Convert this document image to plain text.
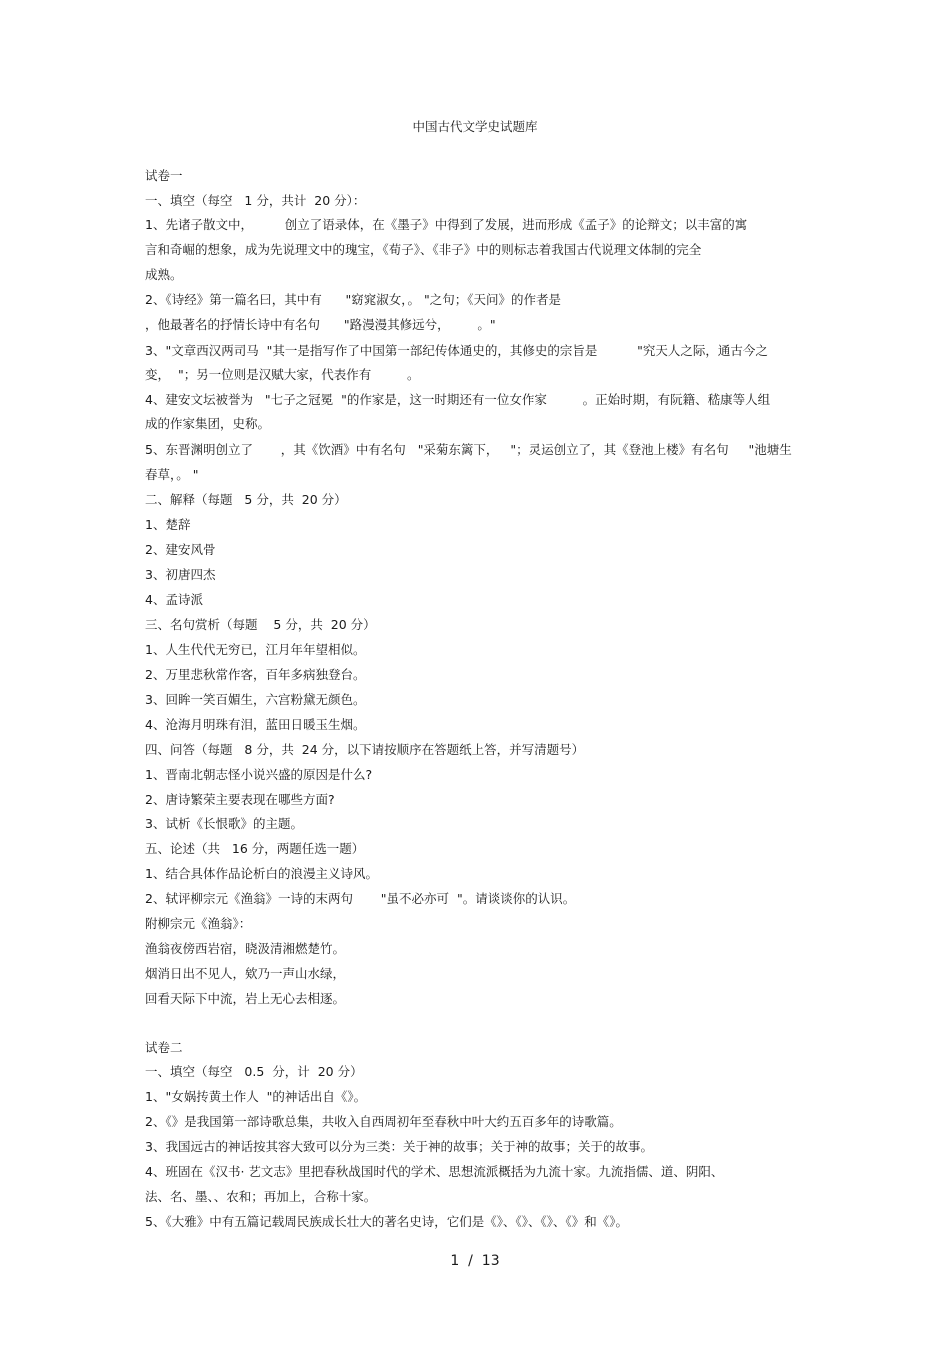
中国古代文学史试题库
试卷一
一、填空（每空   1 分，共计  20 分）：
1、先诸子散文中，        创立了语录体，在《墨子》中得到了发展，进而形成《孟子》的论辩文；以丰富的寓
言和奇崛的想象，成为先说理文中的瑰宝，《荀子》、《非子》中的则标志着我国古代说理文体制的完全
成熟。
2、《诗经》第一篇名曰，其中有      "窈窕淑女，。 "之句；《天问》的作者是
，他最著名的抒情长诗中有名句      "路漫漫其修远兮，       。"
3、"文章西汉两司马  "其一是指写作了中国第一部纪传体通史的，其修史的宗旨是          "究天人之际，通古今之
变，  "；另一位则是汉赋大家，代表作有         。
4、建安文坛被誉为   "七子之冠冕  "的作家是，这一时期还有一位女作家         。正始时期，有阮籍、嵇康等人组
成的作家集团，史称。
5、东晋渊明创立了       ，其《饮酒》中有名句   "采菊东篱下，   "；灵运创立了，其《登池上楼》有名句     "池塘生
春草，。 "
二、解释（每题   5 分，共  20 分）
1、楚辞
2、建安风骨
3、初唐四杰
4、孟诗派
三、名句赏析（每题    5 分，共  20 分）
1、人生代代无穷已，江月年年望相似。
2、万里悲秋常作客，百年多病独登台。
3、回眸一笑百媚生，六宫粉黛无颜色。
4、沧海月明珠有泪，蓝田日暖玉生烟。
四、问答（每题   8 分，共  24 分，以下请按顺序在答题纸上答，并写清题号）
1、晋南北朝志怪小说兴盛的原因是什么?
2、唐诗繁荣主要表现在哪些方面?
3、试析《长恨歌》的主题。
五、论述（共   16 分，两题任选一题）
1、结合具体作品论析白的浪漫主义诗风。
2、轼评柳宗元《渔翁》一诗的末两句       "虽不必亦可  "。请谈谈你的认识。
附柳宗元《渔翁》：
渔翁夜傍西岩宿，晓汲清湘燃楚竹。
烟消日出不见人，欸乃一声山水绿，
回看天际下中流，岩上无心去相逐。
试卷二
一、填空（每空   0.5  分，计  20 分）
1、"女娲抟黄土作人  "的神话出自《》。
2、《》是我国第一部诗歌总集，共收入自西周初年至春秋中叶大约五百多年的诗歌篇。
3、我国远古的神话按其容大致可以分为三类：关于神的故事；关于神的故事；关于的故事。
4、班固在《汉书· 艺文志》里把春秋战国时代的学术、思想流派概括为九流十家。九流指儒、道、阴阳、
法、名、墨、、农和；再加上，合称十家。
5、《大雅》中有五篇记载周民族成长壮大的著名史诗，它们是《》、《》、《》、《》和《》。
1  /  13
